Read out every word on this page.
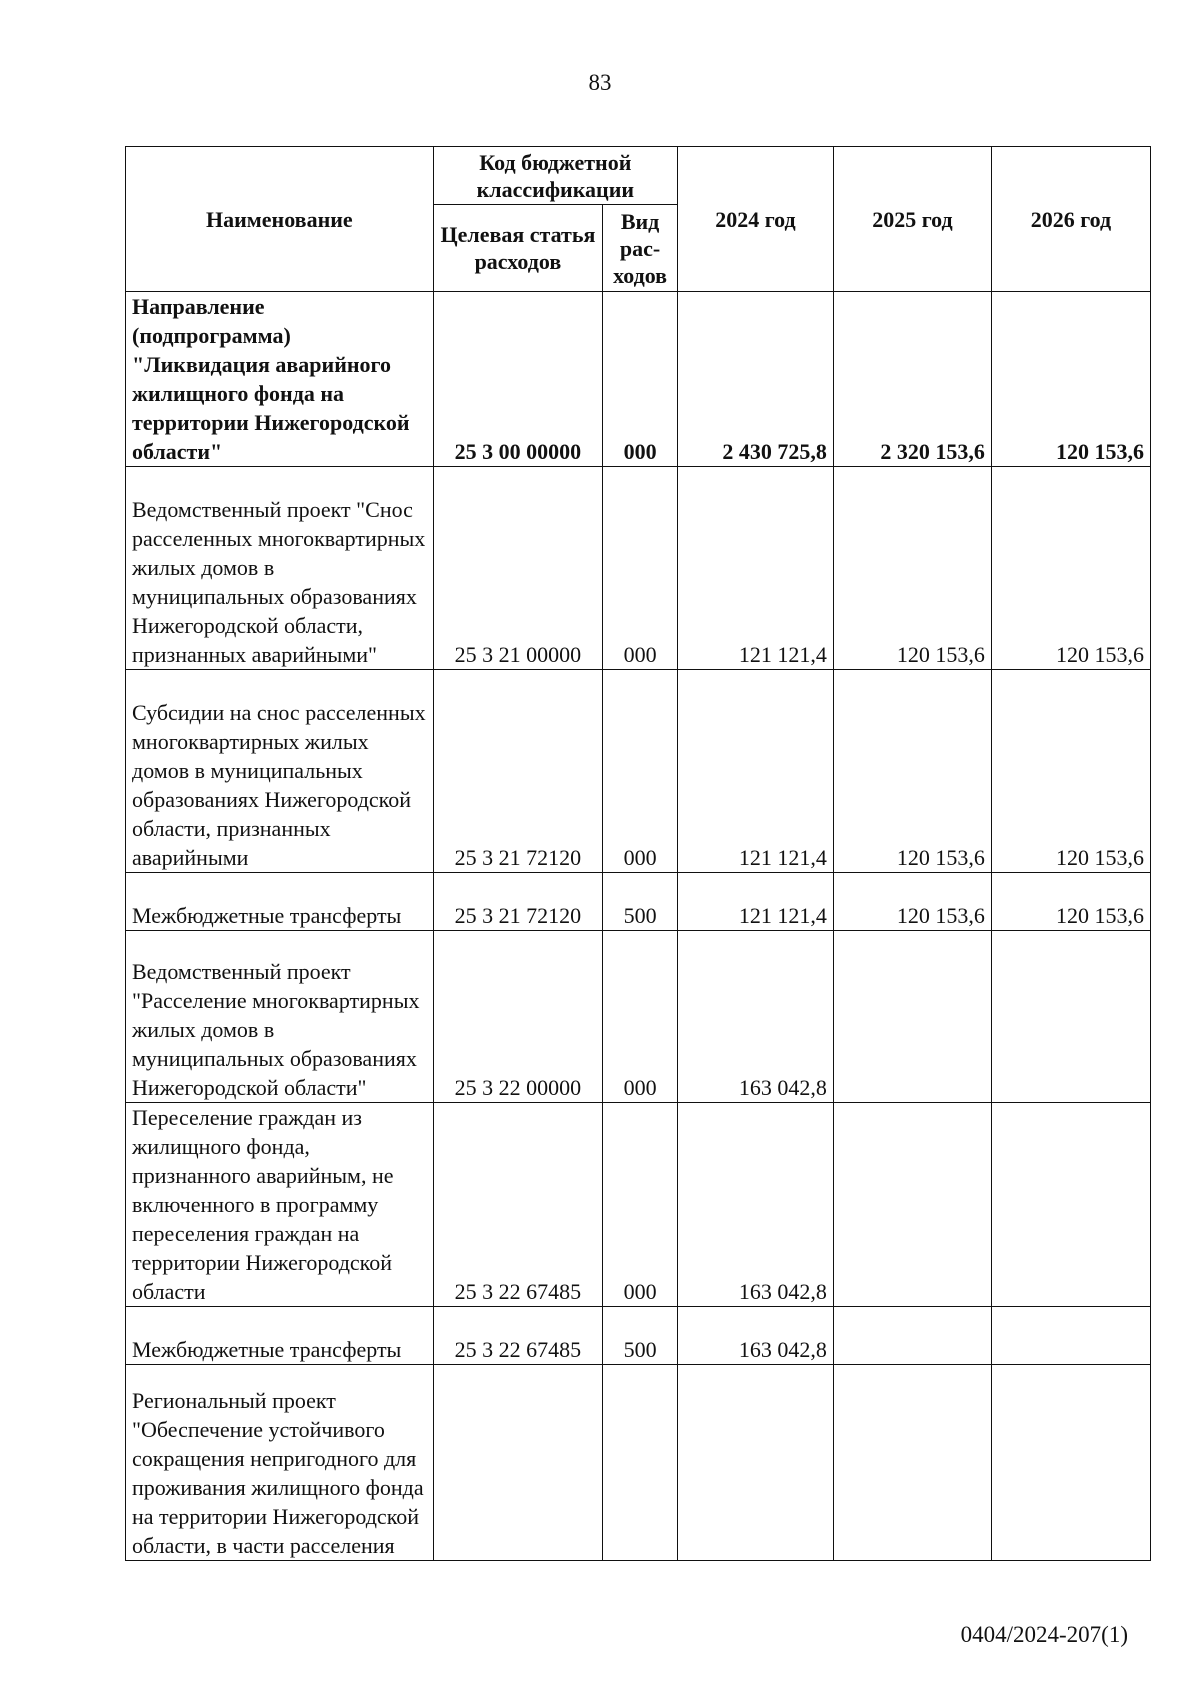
83
Наименование	Код бюджетной классификации		2024 год	2025 год	2026 год
	Целевая статья расходов	Вид рас-ходов			
Направление (подпрограмма) "Ликвидация аварийного жилищного фонда на территории Нижегородской области"	25 3 00 00000	000	2 430 725,8	2 320 153,6	120 153,6
Ведомственный проект "Снос расселенных многоквартирных жилых домов в муниципальных образованиях Нижегородской области, признанных аварийными"	25 3 21 00000	000	121 121,4	120 153,6	120 153,6
Субсидии на снос расселенных многоквартирных жилых домов в муниципальных образованиях Нижегородской области, признанных аварийными	25 3 21 72120	000	121 121,4	120 153,6	120 153,6
Межбюджетные трансферты	25 3 21 72120	500	121 121,4	120 153,6	120 153,6
Ведомственный проект "Расселение многоквартирных жилых домов в муниципальных образованиях Нижегородской области"	25 3 22 00000	000	163 042,8		
Переселение граждан из жилищного фонда, признанного аварийным, не включенного в программу переселения граждан на территории Нижегородской области	25 3 22 67485	000	163 042,8		
Межбюджетные трансферты	25 3 22 67485	500	163 042,8		
Региональный проект "Обеспечение устойчивого сокращения непригодного для проживания жилищного фонда на территории Нижегородской области, в части расселения					
0404/2024-207(1)
